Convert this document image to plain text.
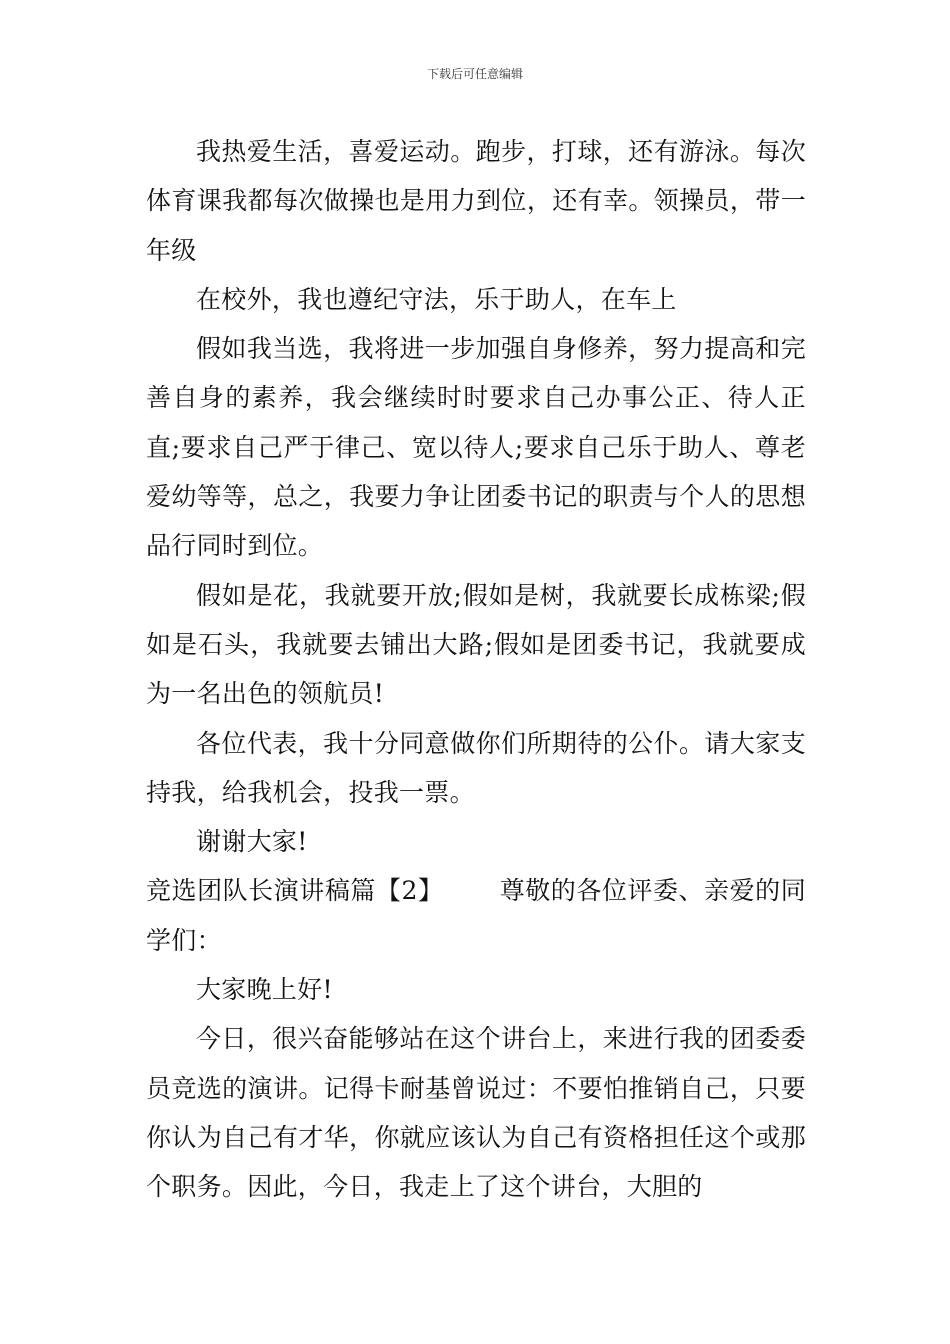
下载后可任意编辑

我热爱生活，喜爱运动。跑步，打球，还有游泳。每次体育课我都每次做操也是用力到位，还有幸。领操员，带一年级

在校外，我也遵纪守法，乐于助人，在车上

假如我当选，我将进一步加强自身修养，努力提高和完善自身的素养，我会继续时时要求自己办事公正、待人正直;要求自己严于律己、宽以待人;要求自己乐于助人、尊老爱幼等等，总之，我要力争让团委书记的职责与个人的思想品行同时到位。

假如是花，我就要开放;假如是树，我就要长成栋梁;假如是石头，我就要去铺出大路;假如是团委书记，我就要成为一名出色的领航员!

各位代表，我十分同意做你们所期待的公仆。请大家支持我，给我机会，投我一票。

谢谢大家!

竞选团队长演讲稿篇【2】 尊敬的各位评委、亲爱的同学们：

大家晚上好!

今日，很兴奋能够站在这个讲台上，来进行我的团委委员竞选的演讲。记得卡耐基曾说过：不要怕推销自己，只要你认为自己有才华，你就应该认为自己有资格担任这个或那个职务。因此，今日，我走上了这个讲台，大胆的
